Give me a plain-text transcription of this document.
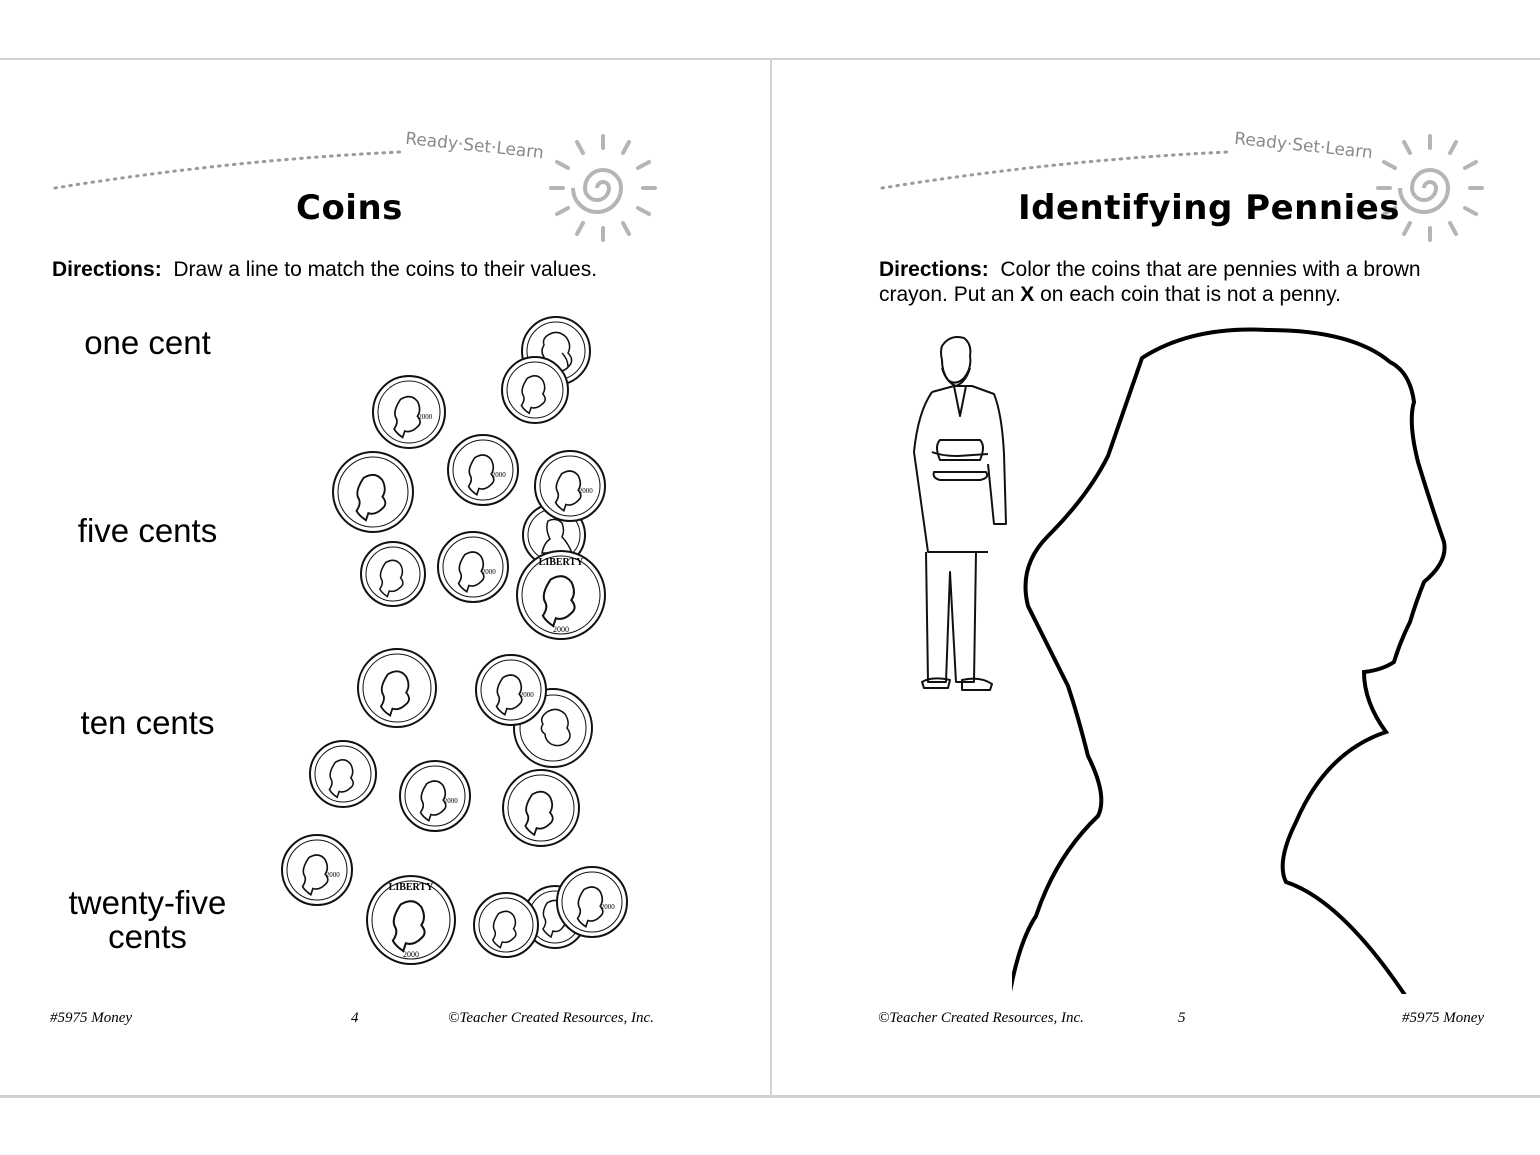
Ready·Set·Learn
Coins
Directions: Draw a line to match the coins to their values.
one cent
five cents
ten cents
twenty-five cents
#5975 Money	4	©Teacher Created Resources, Inc.
Ready·Set·Learn
Identifying Pennies
Directions: Color the coins that are pennies with a brown
crayon. Put an X on each coin that is not a penny.
2000
2000
2000
2000
LIBERTY
2000
2000
2000
2000
LIBERTY
2000
2000
©Teacher Created Resources, Inc.	5	#5975 Money
